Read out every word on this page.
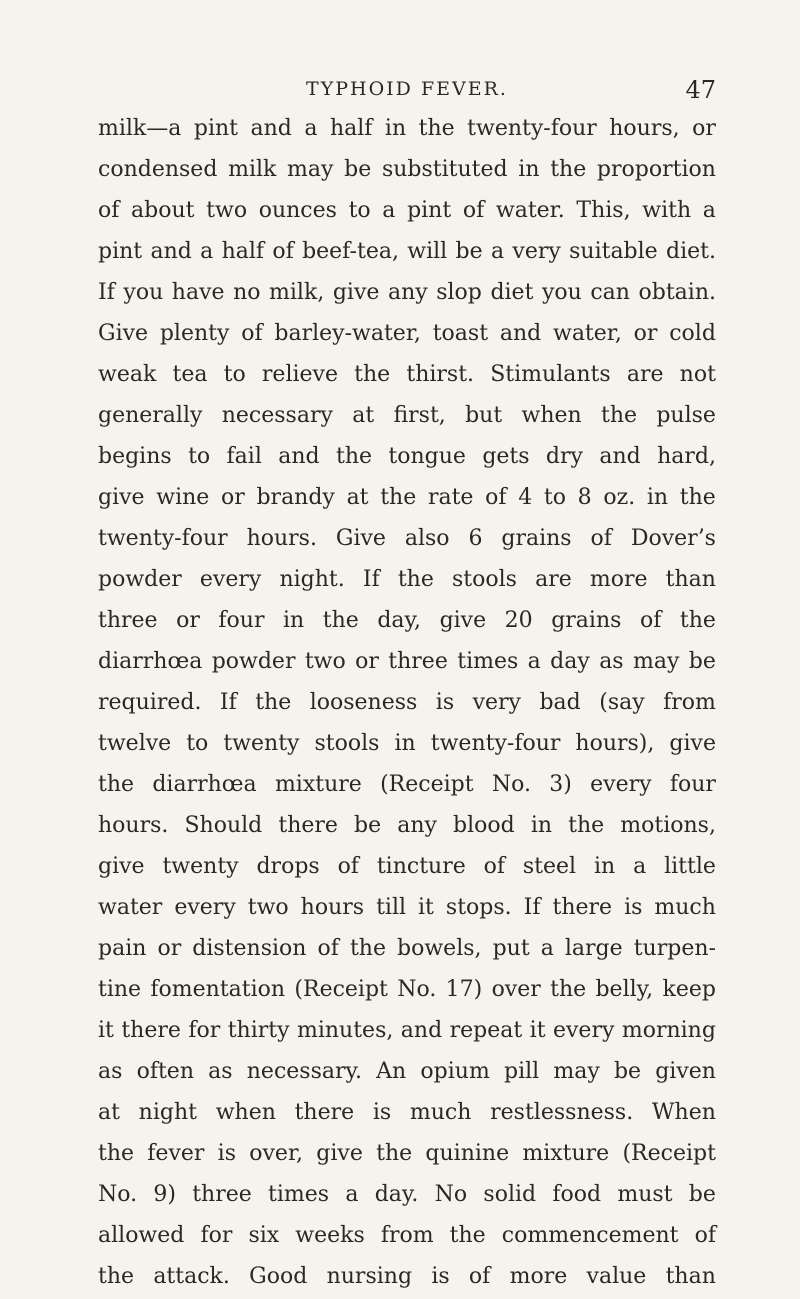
TYPHOID FEVER.	47
milk—a pint and a half in the twenty-four hours, or
condensed milk may be substituted in the proportion
of about two ounces to a pint of water. This, with a
pint and a half of beef-tea, will be a very suitable diet.
If you have no milk, give any slop diet you can obtain.
Give plenty of barley-water, toast and water, or cold
weak tea to relieve the thirst. Stimulants are not
generally necessary at first, but when the pulse
begins to fail and the tongue gets dry and hard,
give wine or brandy at the rate of 4 to 8 oz. in the
twenty-four hours. Give also 6 grains of Dover’s
powder every night. If the stools are more than
three or four in the day, give 20 grains of the
diarrhœa powder two or three times a day as may be
required. If the looseness is very bad (say from
twelve to twenty stools in twenty-four hours), give
the diarrhœa mixture (Receipt No. 3) every four
hours. Should there be any blood in the motions,
give twenty drops of tincture of steel in a little
water every two hours till it stops. If there is much
pain or distension of the bowels, put a large turpen-
tine fomentation (Receipt No. 17) over the belly, keep
it there for thirty minutes, and repeat it every morning
as often as necessary. An opium pill may be given
at night when there is much restlessness. When
the fever is over, give the quinine mixture (Receipt
No. 9) three times a day. No solid food must be
allowed for six weeks from the commencement of
the attack. Good nursing is of more value than
